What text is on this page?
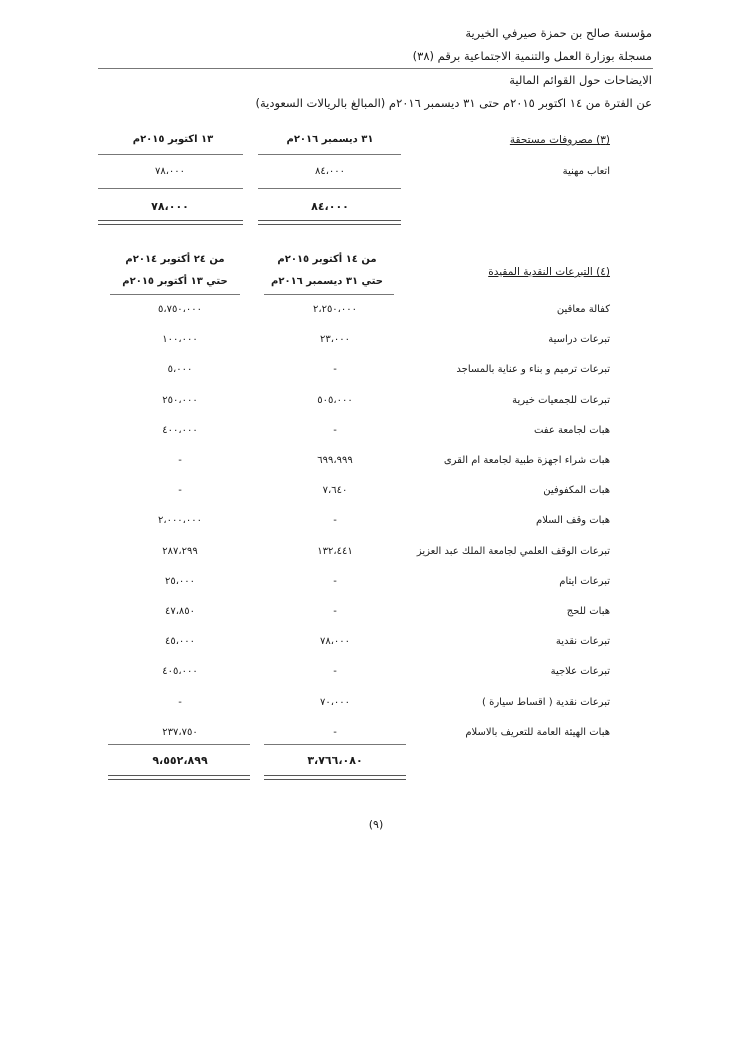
مؤسسة صالح بن حمزة صيرفي الخيرية
مسجلة بوزارة العمل والتنمية الاجتماعية برقم (٣٨)
الايضاحات حول القوائم المالية
عن الفترة من ١٤ اكتوبر ٢٠١٥م حتى ٣١ ديسمبر ٢٠١٦م (المبالغ بالريالات السعودية)
(٣) مصروفات مستحقة
٣١ ديسمبر ٢٠١٦م
١٣ اكتوبر ٢٠١٥م
اتعاب مهنية
٨٤،٠٠٠
٧٨،٠٠٠
٨٤،٠٠٠
٧٨،٠٠٠
(٤) التبرعات النقدية المقيدة
من ١٤ أكتوبر ٢٠١٥م
حتي ٣١ ديسمبر ٢٠١٦م
من ٢٤ أكتوبر ٢٠١٤م
حتي ١٣ أكتوبر ٢٠١٥م
كفالة معاقين
٢،٢٥٠،٠٠٠
٥،٧٥٠،٠٠٠
تبرعات دراسية
٢٣،٠٠٠
١٠٠،٠٠٠
تبرعات ترميم و بناء و عناية بالمساجد
-
٥،٠٠٠
تبرعات للجمعيات خيرية
٥٠٥،٠٠٠
٢٥٠،٠٠٠
هبات لجامعة عفت
-
٤٠٠،٠٠٠
هبات شراء اجهزة طبية لجامعة ام القرى
٦٩٩،٩٩٩
-
هبات المكفوفين
٧،٦٤٠
-
هبات وقف السلام
-
٢،٠٠٠،٠٠٠
تبرعات الوقف العلمي لجامعة الملك عبد العزيز
١٣٢،٤٤١
٢٨٧،٢٩٩
تبرعات ايتام
-
٢٥،٠٠٠
هبات للحج
-
٤٧،٨٥٠
تبرعات نقدية
٧٨،٠٠٠
٤٥،٠٠٠
تبرعات علاجية
-
٤٠٥،٠٠٠
تبرعات نقدية ( اقساط سيارة )
٧٠،٠٠٠
-
هبات الهيئة العامة للتعريف بالاسلام
-
٢٣٧،٧٥٠
٣،٧٦٦،٠٨٠
٩،٥٥٢،٨٩٩
(٩)
